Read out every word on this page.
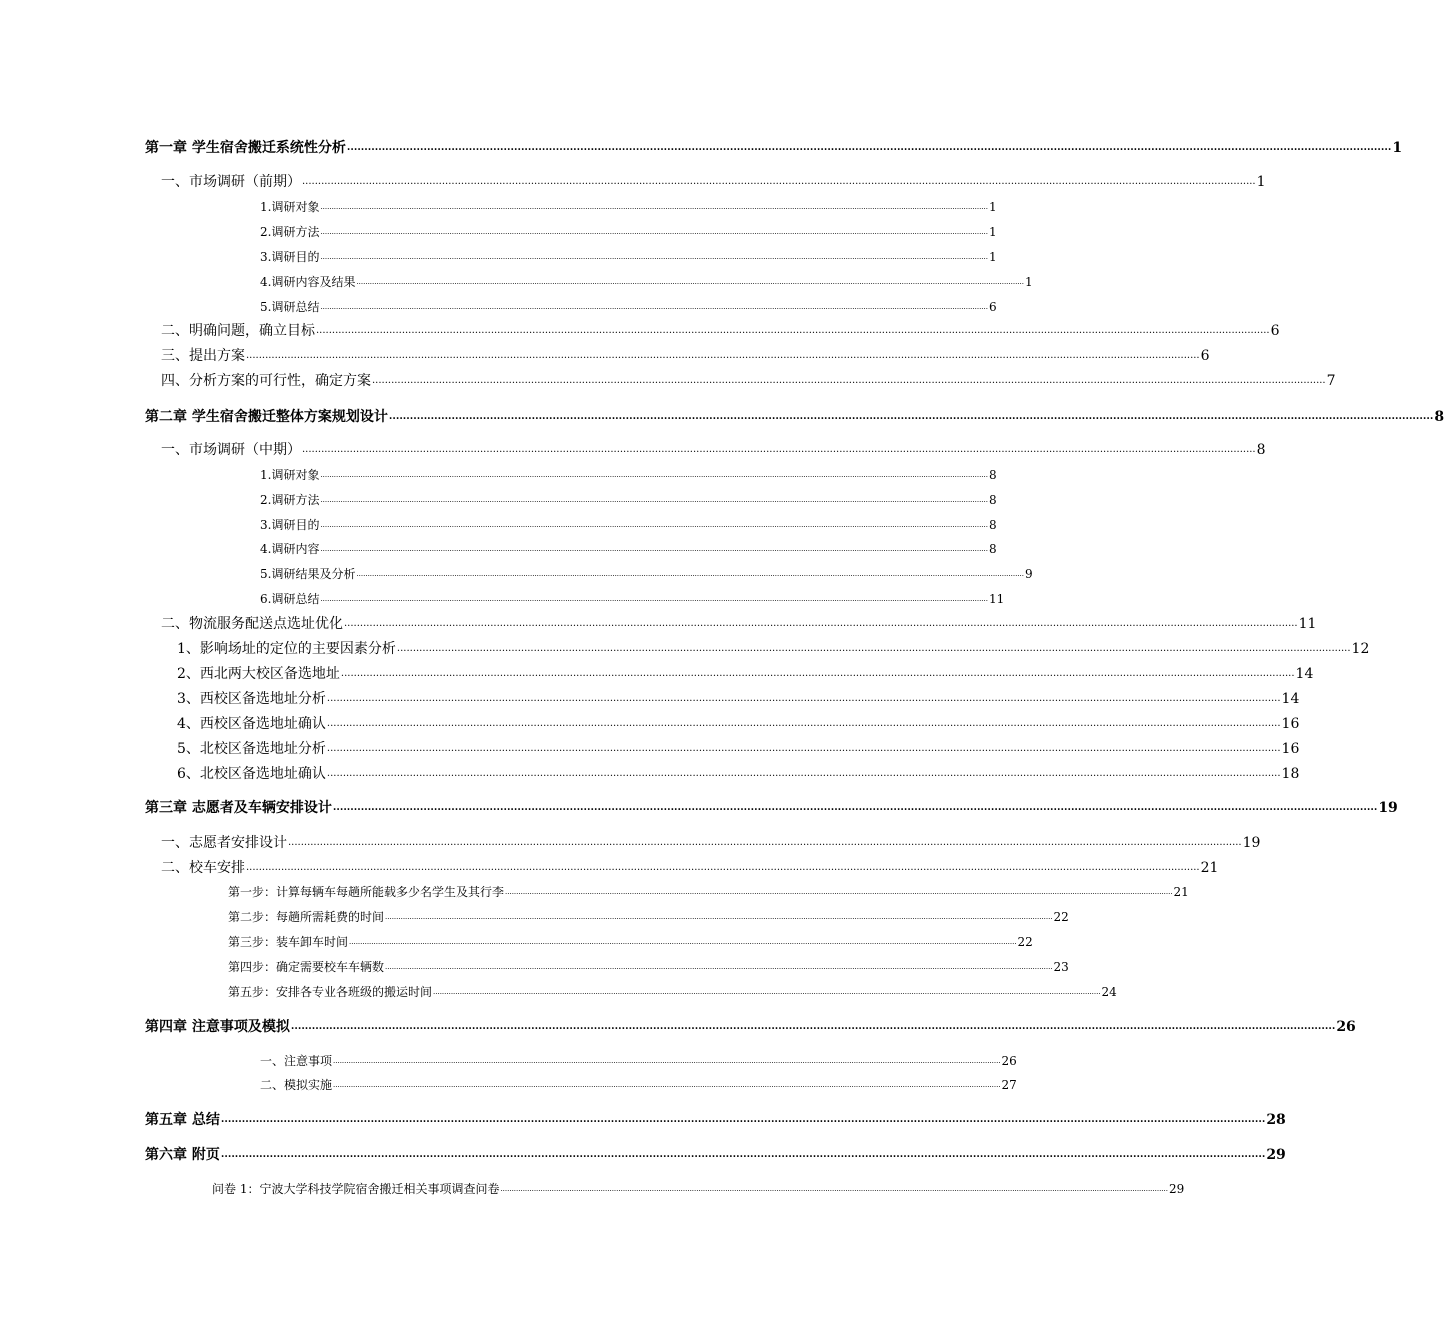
第一章 学生宿舍搬迁系统性分析 ............................................................................................................................................................................................................................................................................................................ 1
一、市场调研（前期） ............................................................................................................................................................................................................................................................................................................ 1
1.调研对象 ............................................................................................................................................................................................................................................................................................................ 1
2.调研方法 ............................................................................................................................................................................................................................................................................................................ 1
3.调研目的 ............................................................................................................................................................................................................................................................................................................ 1
4.调研内容及结果 ............................................................................................................................................................................................................................................................................................................ 1
5.调研总结 ............................................................................................................................................................................................................................................................................................................ 6
二、明确问题，确立目标 ............................................................................................................................................................................................................................................................................................................ 6
三、提出方案 ............................................................................................................................................................................................................................................................................................................ 6
四、分析方案的可行性，确定方案 ............................................................................................................................................................................................................................................................................................................ 7
第二章 学生宿舍搬迁整体方案规划设计 ............................................................................................................................................................................................................................................................................................................ 8
一、市场调研（中期） ............................................................................................................................................................................................................................................................................................................ 8
1.调研对象 ............................................................................................................................................................................................................................................................................................................ 8
2.调研方法 ............................................................................................................................................................................................................................................................................................................ 8
3.调研目的 ............................................................................................................................................................................................................................................................................................................ 8
4.调研内容 ............................................................................................................................................................................................................................................................................................................ 8
5.调研结果及分析 ............................................................................................................................................................................................................................................................................................................ 9
6.调研总结 ............................................................................................................................................................................................................................................................................................................ 11
二、物流服务配送点选址优化 ............................................................................................................................................................................................................................................................................................................ 11
1、影响场址的定位的主要因素分析 ............................................................................................................................................................................................................................................................................................................ 12
2、西北两大校区备选地址 ............................................................................................................................................................................................................................................................................................................ 14
3、西校区备选地址分析 ............................................................................................................................................................................................................................................................................................................ 14
4、西校区备选地址确认 ............................................................................................................................................................................................................................................................................................................ 16
5、北校区备选地址分析 ............................................................................................................................................................................................................................................................................................................ 16
6、北校区备选地址确认 ............................................................................................................................................................................................................................................................................................................ 18
第三章 志愿者及车辆安排设计 ............................................................................................................................................................................................................................................................................................................ 19
一、志愿者安排设计 ............................................................................................................................................................................................................................................................................................................ 19
二、校车安排 ............................................................................................................................................................................................................................................................................................................ 21
第一步：计算每辆车每趟所能载多少名学生及其行李 ............................................................................................................................................................................................................................................................................................................ 21
第二步：每趟所需耗费的时间 ............................................................................................................................................................................................................................................................................................................ 22
第三步：装车卸车时间 ............................................................................................................................................................................................................................................................................................................ 22
第四步：确定需要校车车辆数 ............................................................................................................................................................................................................................................................................................................ 23
第五步：安排各专业各班级的搬运时间 ............................................................................................................................................................................................................................................................................................................ 24
第四章 注意事项及模拟 ............................................................................................................................................................................................................................................................................................................ 26
一、注意事项 ............................................................................................................................................................................................................................................................................................................ 26
二、模拟实施 ............................................................................................................................................................................................................................................................................................................ 27
第五章 总结 ............................................................................................................................................................................................................................................................................................................ 28
第六章 附页 ............................................................................................................................................................................................................................................................................................................ 29
问卷 1：宁波大学科技学院宿舍搬迁相关事项调查问卷 ............................................................................................................................................................................................................................................................................................................ 29
